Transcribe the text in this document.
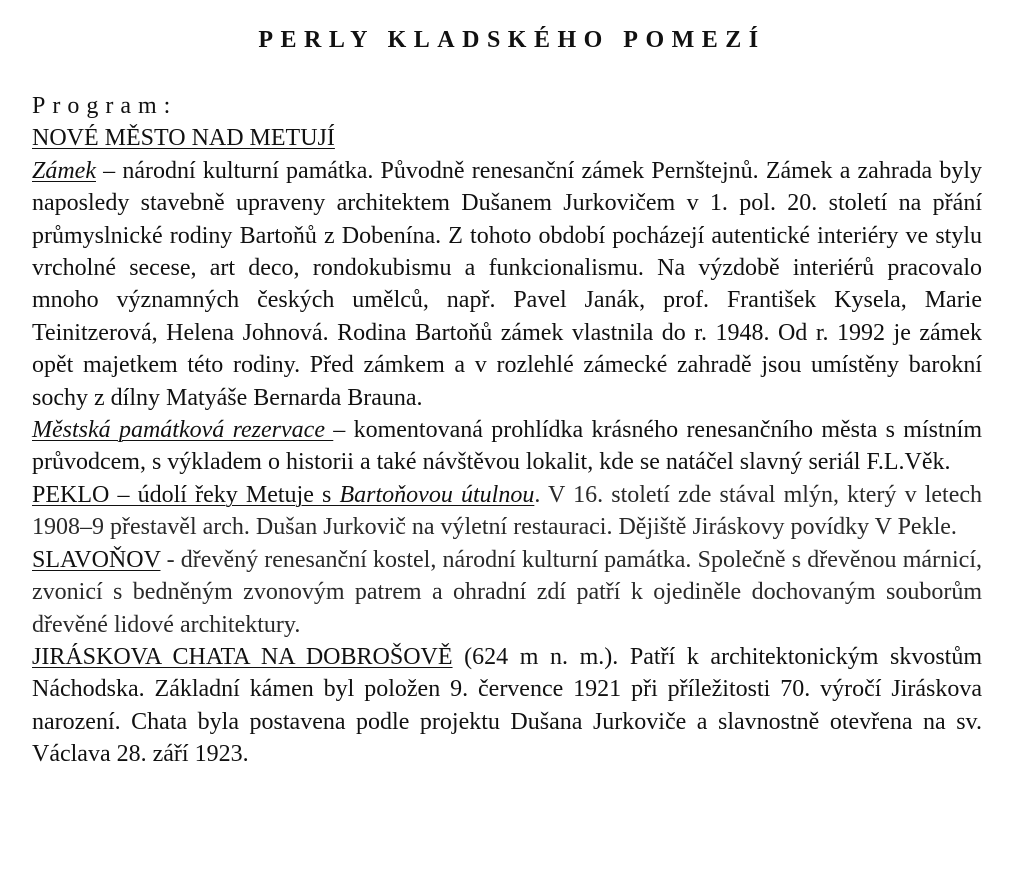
PERLY KLADSKÉHO POMEZÍ

Program:

NOVÉ MĚSTO NAD METUJÍ

Zámek – národní kulturní památka. Původně renesanční zámek Pernštejnů. Zámek a zahrada byly naposledy stavebně upraveny architektem Dušanem Jurkovičem v 1. pol. 20. století na přání průmyslnické rodiny Bartoňů z Dobenína. Z tohoto období pocházejí autentické interiéry ve stylu vrcholné secese, art deco, rondokubismu a funkcionalismu. Na výzdobě interiérů pracovalo mnoho významných českých umělců, např. Pavel Janák, prof. František Kysela, Marie Teinitzerová, Helena Johnová. Rodina Bartoňů zámek vlastnila do r. 1948. Od r. 1992 je zámek opět majetkem této rodiny. Před zámkem a v rozlehlé zámecké zahradě jsou umístěny barokní sochy z dílny Matyáše Bernarda Brauna.

Městská památková rezervace – komentovaná prohlídka krásného renesančního města s místním průvodcem, s výkladem o historii a také návštěvou lokalit, kde se natáčel slavný seriál F.L.Věk.

PEKLO – údolí řeky Metuje s Bartoňovou útulnou. V 16. století zde stával mlýn, který v letech 1908–9 přestavěl arch. Dušan Jurkovič na výletní restauraci. Dějiště Jiráskovy povídky V Pekle.

SLAVOŇOV - dřevěný renesanční kostel, národní kulturní památka. Společně s dřevěnou márnicí, zvonicí s bedněným zvonovým patrem a ohradní zdí patří k ojediněle dochovaným souborům dřevěné lidové architektury.

JIRÁSKOVA CHATA NA DOBROŠOVĚ (624 m n. m.). Patří k architektonickým skvostům Náchodska. Základní kámen byl položen 9. července 1921 při příležitosti 70. výročí Jiráskova narození. Chata byla postavena podle projektu Dušana Jurkoviče a slavnostně otevřena na sv. Václava 28. září 1923.
